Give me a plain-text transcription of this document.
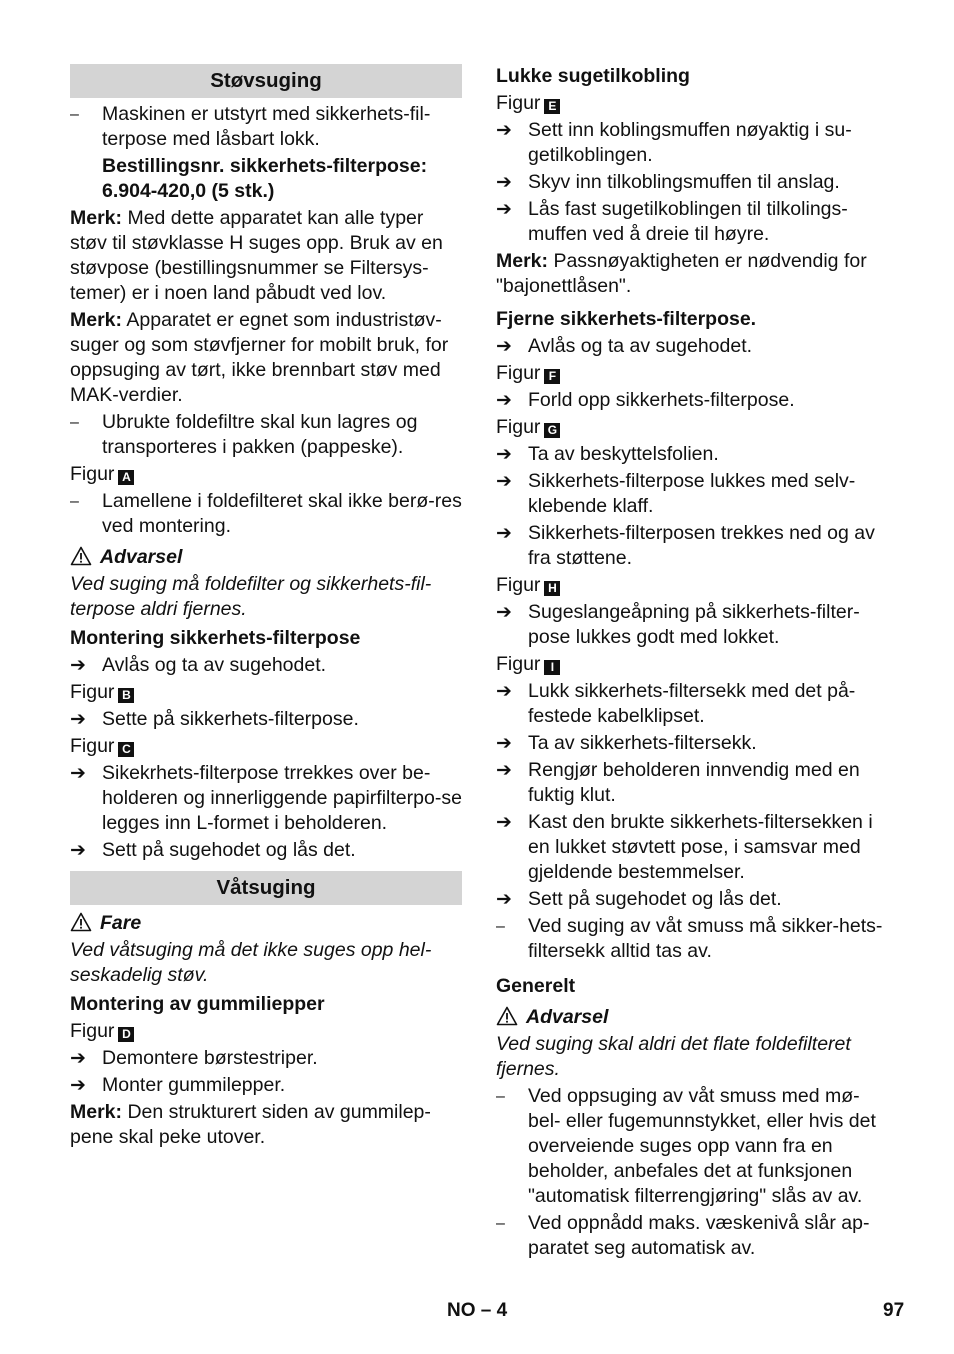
Støvsuging
–	Maskinen er utstyrt med sikkerhets-fil-terpose med låsbart lokk.
Bestillingsnr. sikkerhets-filterpose:
6.904-420,0 (5 stk.)
Merk: Med dette apparatet kan alle typer støv til støvklasse H suges opp. Bruk av en støvpose (bestillingsnummer se Filtersys-temer) er i noen land påbudt ved lov.
Merk: Apparatet er egnet som industristøv-suger og som støvfjerner for mobilt bruk, for oppsuging av tørt, ikke brennbart støv med MAK-verdier.
–	Ubrukte foldefiltre skal kun lagres og transporteres i pakken (pappeske).
Figur A
–	Lamellene i foldefilteret skal ikke berø-res ved montering.
Advarsel
Ved suging må foldefilter og sikkerhets-fil-terpose aldri fjernes.
Montering sikkerhets-filterpose
➔ Avlås og ta av sugehodet.
Figur B
➔ Sette på sikkerhets-filterpose.
Figur C
➔ Sikekrhets-filterpose trrekkes over be-holderen og innerliggende papirfilterpo-se legges inn L-formet i beholderen.
➔ Sett på sugehodet og lås det.
Våtsuging
Fare
Ved våtsuging må det ikke suges opp hel-seskadelig støv.
Montering av gummiliepper
Figur D
➔ Demontere børstestriper.
➔ Monter gummilepper.
Merk: Den strukturert siden av gummilep-pene skal peke utover.
Lukke sugetilkobling
Figur E
➔ Sett inn koblingsmuffen nøyaktig i su-getilkoblingen.
➔ Skyv inn tilkoblingsmuffen til anslag.
➔ Lås fast sugetilkoblingen til tilkolings-muffen ved å dreie til høyre.
Merk: Passnøyaktigheten er nødvendig for "bajonettlåsen".
Fjerne sikkerhets-filterpose.
➔ Avlås og ta av sugehodet.
Figur F
➔ Forld opp sikkerhets-filterpose.
Figur G
➔ Ta av beskyttelsfolien.
➔ Sikkerhets-filterpose lukkes med selv-klebende klaff.
➔ Sikkerhets-filterposen trekkes ned og av fra støttene.
Figur H
➔ Sugeslangeåpning på sikkerhets-filter-pose lukkes godt med lokket.
Figur I
➔ Lukk sikkerhets-filtersekk med det på-festede kabelklipset.
➔ Ta av sikkerhets-filtersekk.
➔ Rengjør beholderen innvendig med en fuktig klut.
➔ Kast den brukte sikkerhets-filtersekken i en lukket støvtett pose, i samsvar med gjeldende bestemmelser.
➔ Sett på sugehodet og lås det.
–	Ved suging av våt smuss må sikker-hets-filtersekk alltid tas av.
Generelt
Advarsel
Ved suging skal aldri det flate foldefilteret fjernes.
–	Ved oppsuging av våt smuss med mø-bel- eller fugemunnstykket, eller hvis det overveiende suges opp vann fra en beholder, anbefales det at funksjonen "automatisk filterrengjøring" slås av av.
–	Ved oppnådd maks. væskenivå slår ap-paratet seg automatisk av.
NO – 4	97
